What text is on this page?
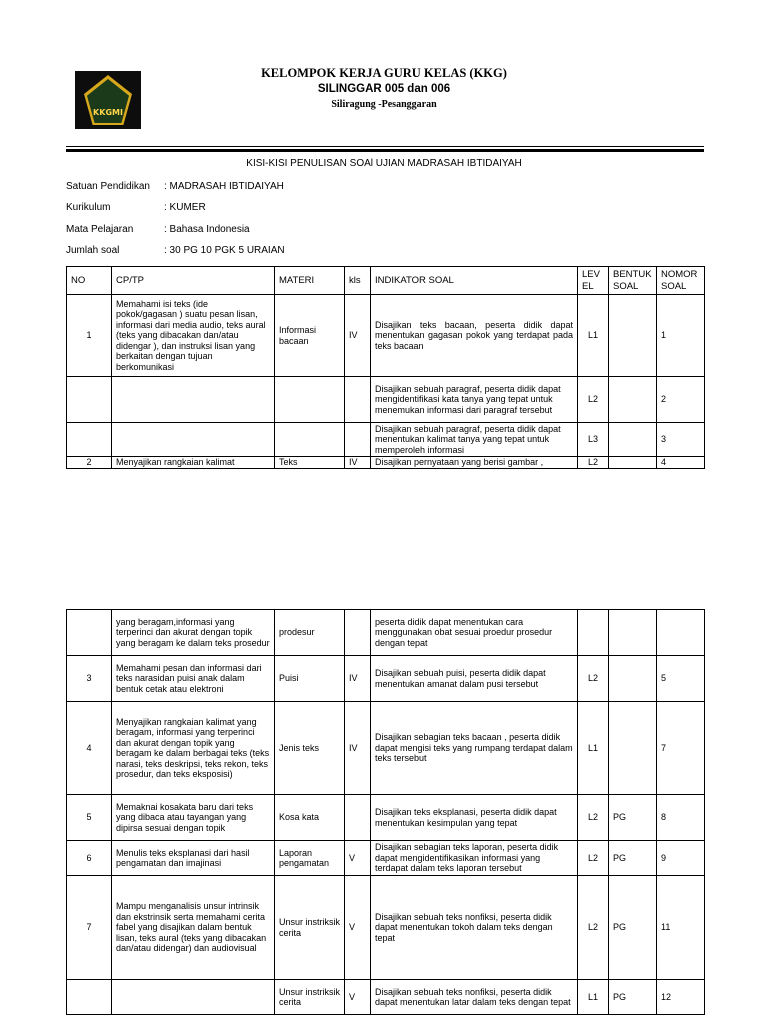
KKGMI
KELOMPOK KERJA GURU KELAS (KKG)
SILINGGAR 005 dan 006
Siliragung -Pesanggaran
KISI-KISI PENULISAN SOAl UJIAN MADRASAH IBTIDAIYAH
Satuan Pendidikan : MADRASAH IBTIDAIYAH
Kurikulum	: KUMER
Mata Pelajaran	: Bahasa Indonesia
Jumlah soal	: 30 PG 10 PGK 5 URAIAN
NO	CP/TP	MATERI	kls	INDIKATOR SOAL	LEV EL	BENTUK SOAL	NOMOR SOAL
1	Memahami isi teks (ide pokok/gagasan ) suatu pesan lisan, informasi dari media audio, teks aural (teks yang dibacakan dan/atau didengar ), dan instruksi lisan yang berkaitan dengan tujuan berkomunikasi	Informasi bacaan	IV	Disajikan teks bacaan, peserta didik dapat menentukan gagasan pokok yang terdapat pada teks bacaan	L1		1
				Disajikan sebuah paragraf, peserta didik dapat mengidentifikasi kata tanya yang tepat untuk menemukan informasi dari paragraf tersebut	L2		2
				Disajikan sebuah paragraf, peserta didik dapat menentukan kalimat tanya yang tepat untuk memperoleh informasi	L3		3
2	Menyajikan rangkaian kalimat	Teks	IV	Disajikan pernyataan yang berisi gambar ,	L2		4
	yang beragam,informasi yang terperinci dan akurat dengan topik yang beragam ke dalam teks prosedur	prodesur		peserta didik dapat menentukan cara menggunakan obat sesuai proedur prosedur dengan tepat			
3	Memahami pesan dan informasi dari teks narasidan puisi anak dalam bentuk cetak atau elektroni	Puisi	IV	Disajikan sebuah puisi, peserta didik dapat menentukan amanat dalam pusi tersebut	L2		5
4	Menyajikan rangkaian kalimat yang beragam, informasi yang terperinci dan akurat dengan topik yang beragam ke dalam berbagai teks (teks narasi, teks deskripsi, teks rekon, teks prosedur, dan teks eksposisi)	Jenis teks	IV	Disajikan sebagian teks bacaan , peserta didik dapat mengisi teks yang rumpang terdapat dalam teks tersebut	L1		7
5	Memaknai kosakata baru dari teks yang dibaca atau tayangan yang dipirsa sesuai dengan topik	Kosa kata		Disajikan teks eksplanasi, peserta didik dapat menentukan kesimpulan yang tepat	L2	PG	8
6	Menulis teks eksplanasi dari hasil pengamatan dan imajinasi	Laporan pengamatan	V	Disajikan sebagian teks laporan, peserta didik dapat mengidentifikasikan informasi yang terdapat dalam teks laporan tersebut	L2	PG	9
7	Mampu menganalisis unsur intrinsik dan ekstrinsik serta memahami cerita fabel yang disajikan dalam bentuk lisan, teks aural (teks yang dibacakan dan/atau didengar) dan audiovisual	Unsur instriksik cerita	V	Disajikan sebuah teks nonfiksi, peserta didik dapat menentukan tokoh dalam teks dengan tepat	L2	PG	11
		Unsur instriksik cerita	V	Disajikan sebuah teks nonfiksi, peserta didik dapat menentukan latar dalam teks dengan tepat	L1	PG	12
